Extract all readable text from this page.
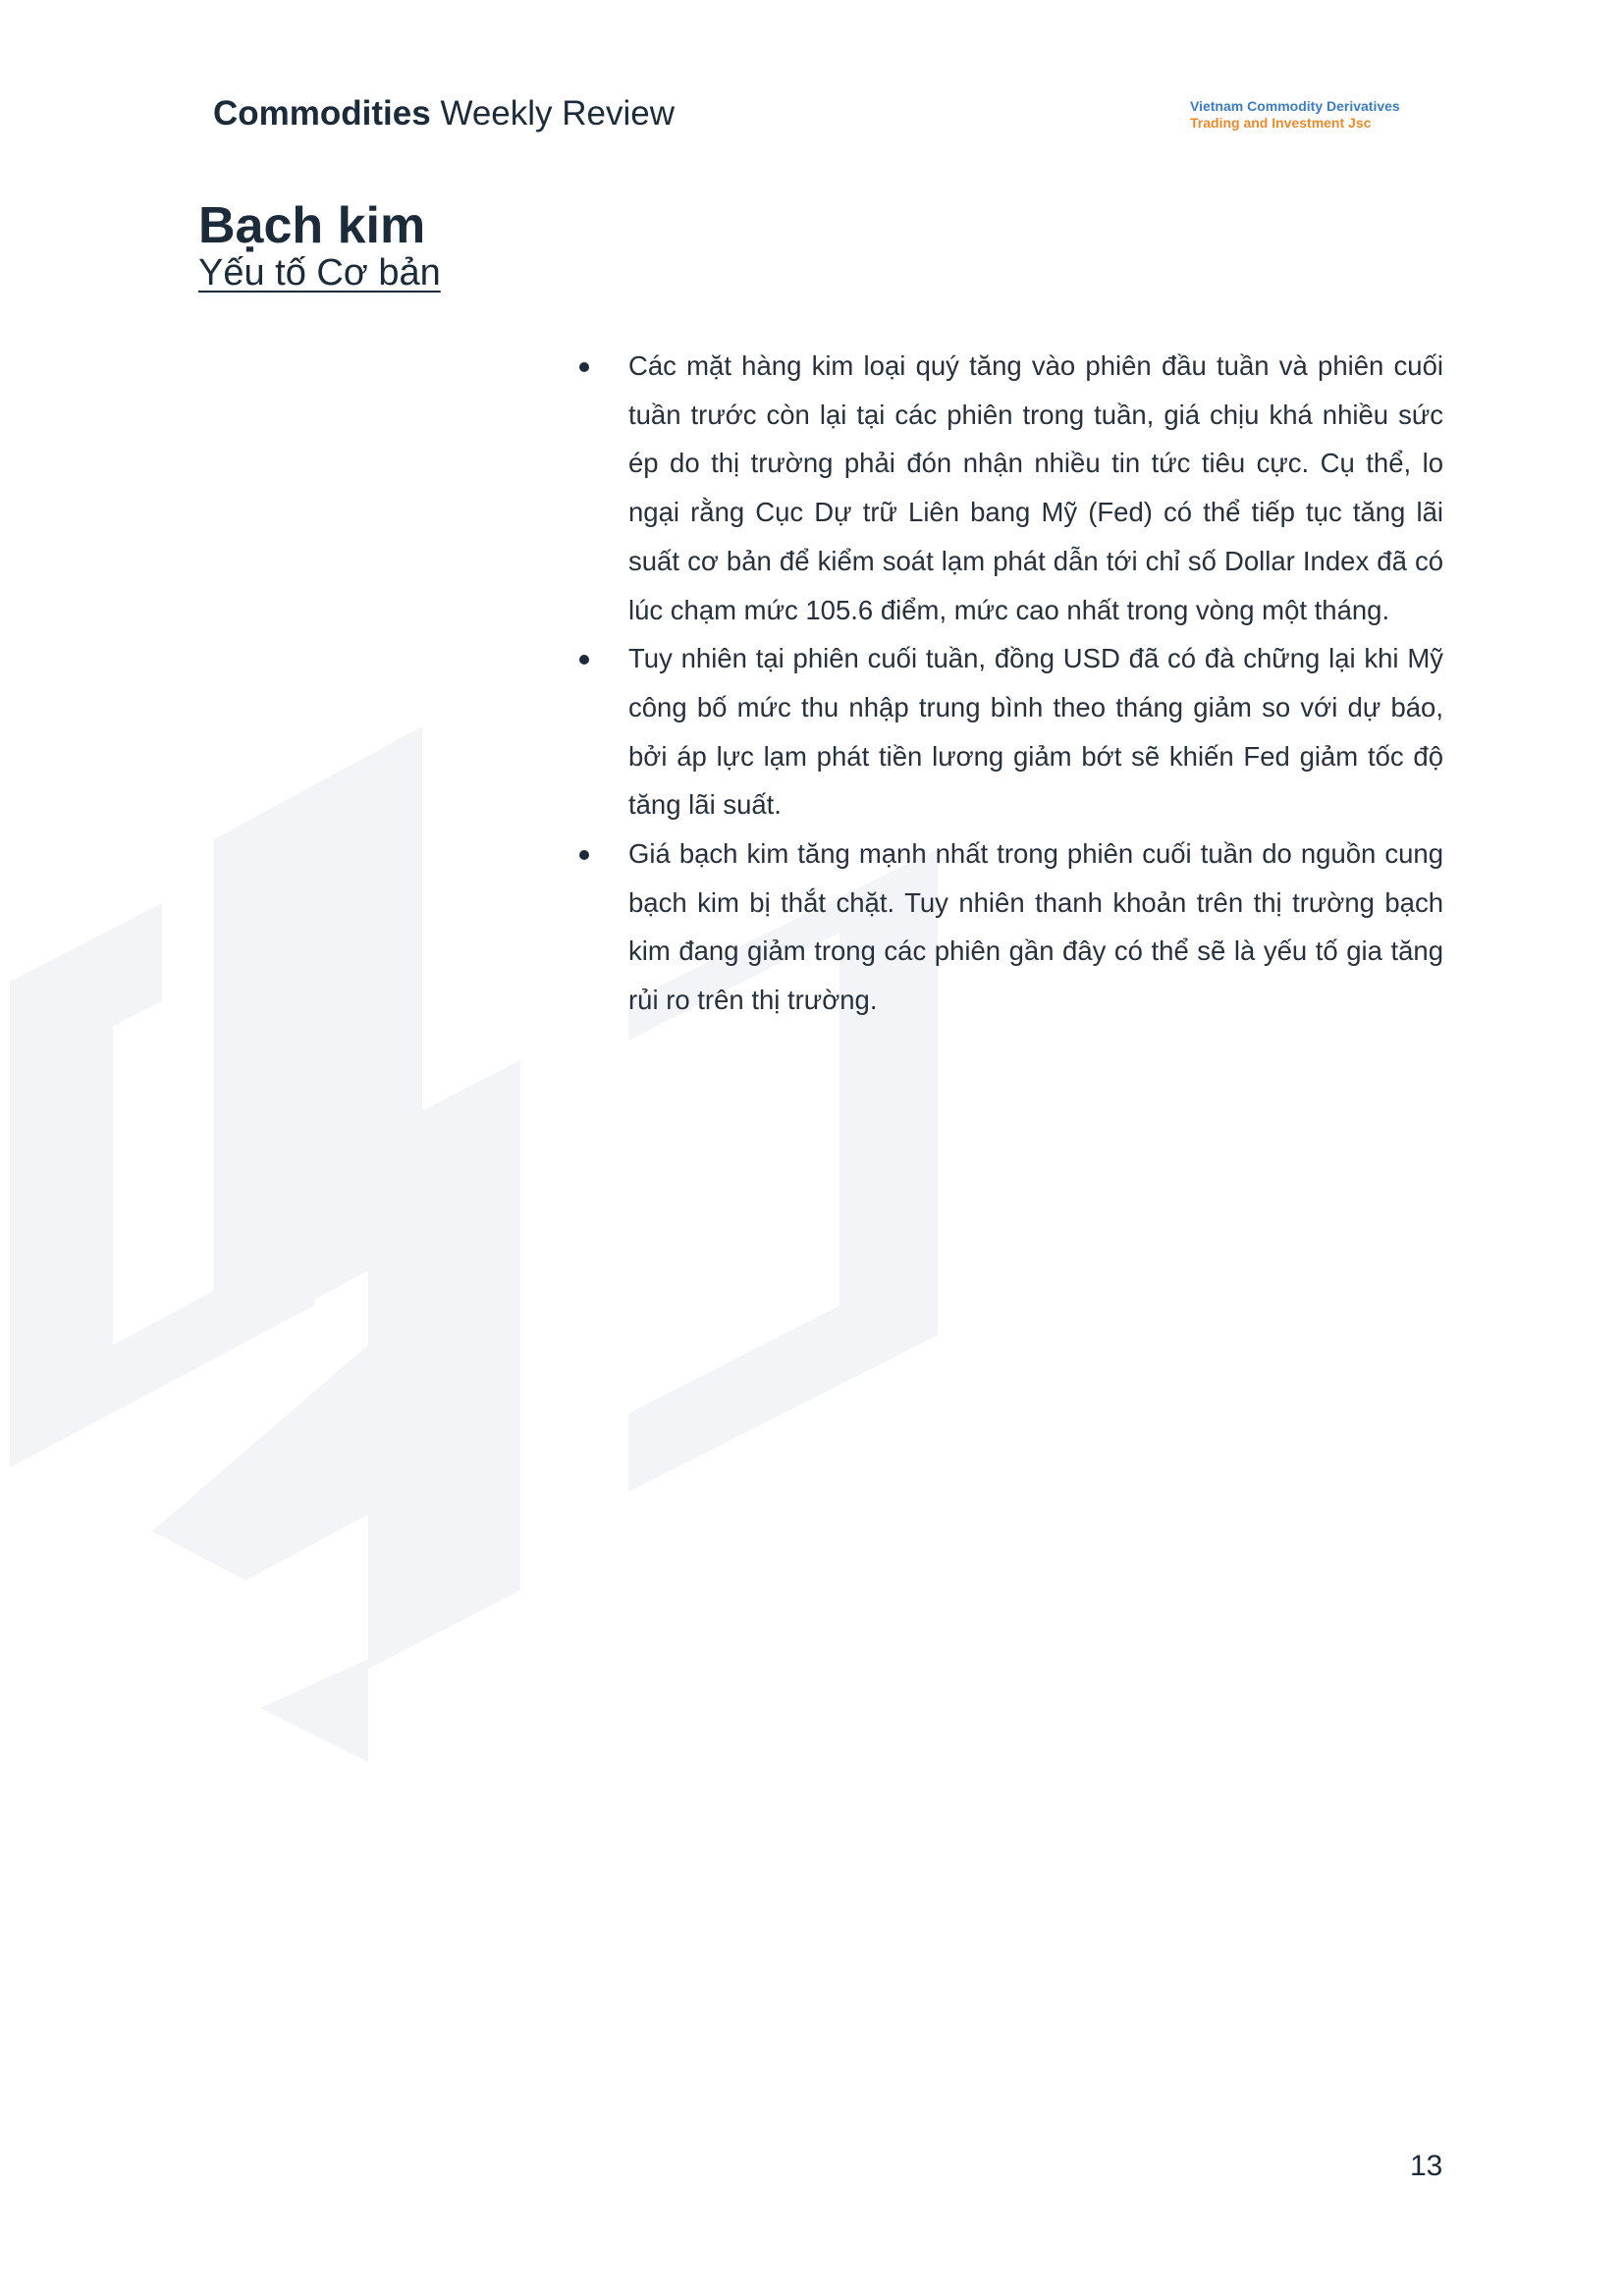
Commodities Weekly Review	Vietnam Commodity Derivatives
Trading and Investment Jsc
Bạch kim
Yếu tố Cơ bản
Các mặt hàng kim loại quý tăng vào phiên đầu tuần và phiên cuối tuần trước còn lại tại các phiên trong tuần, giá chịu khá nhiều sức ép do thị trường phải đón nhận nhiều tin tức tiêu cực. Cụ thể, lo ngại rằng Cục Dự trữ Liên bang Mỹ (Fed) có thể tiếp tục tăng lãi suất cơ bản để kiểm soát lạm phát dẫn tới chỉ số Dollar Index đã có lúc chạm mức 105.6 điểm, mức cao nhất trong vòng một tháng.
Tuy nhiên tại phiên cuối tuần, đồng USD đã có đà chững lại khi Mỹ công bố mức thu nhập trung bình theo tháng giảm so với dự báo, bởi áp lực lạm phát tiền lương giảm bớt sẽ khiến Fed giảm tốc độ tăng lãi suất.
Giá bạch kim tăng mạnh nhất trong phiên cuối tuần do nguồn cung bạch kim bị thắt chặt. Tuy nhiên thanh khoản trên thị trường bạch kim đang giảm trong các phiên gần đây có thể sẽ là yếu tố gia tăng rủi ro trên thị trường.
13
